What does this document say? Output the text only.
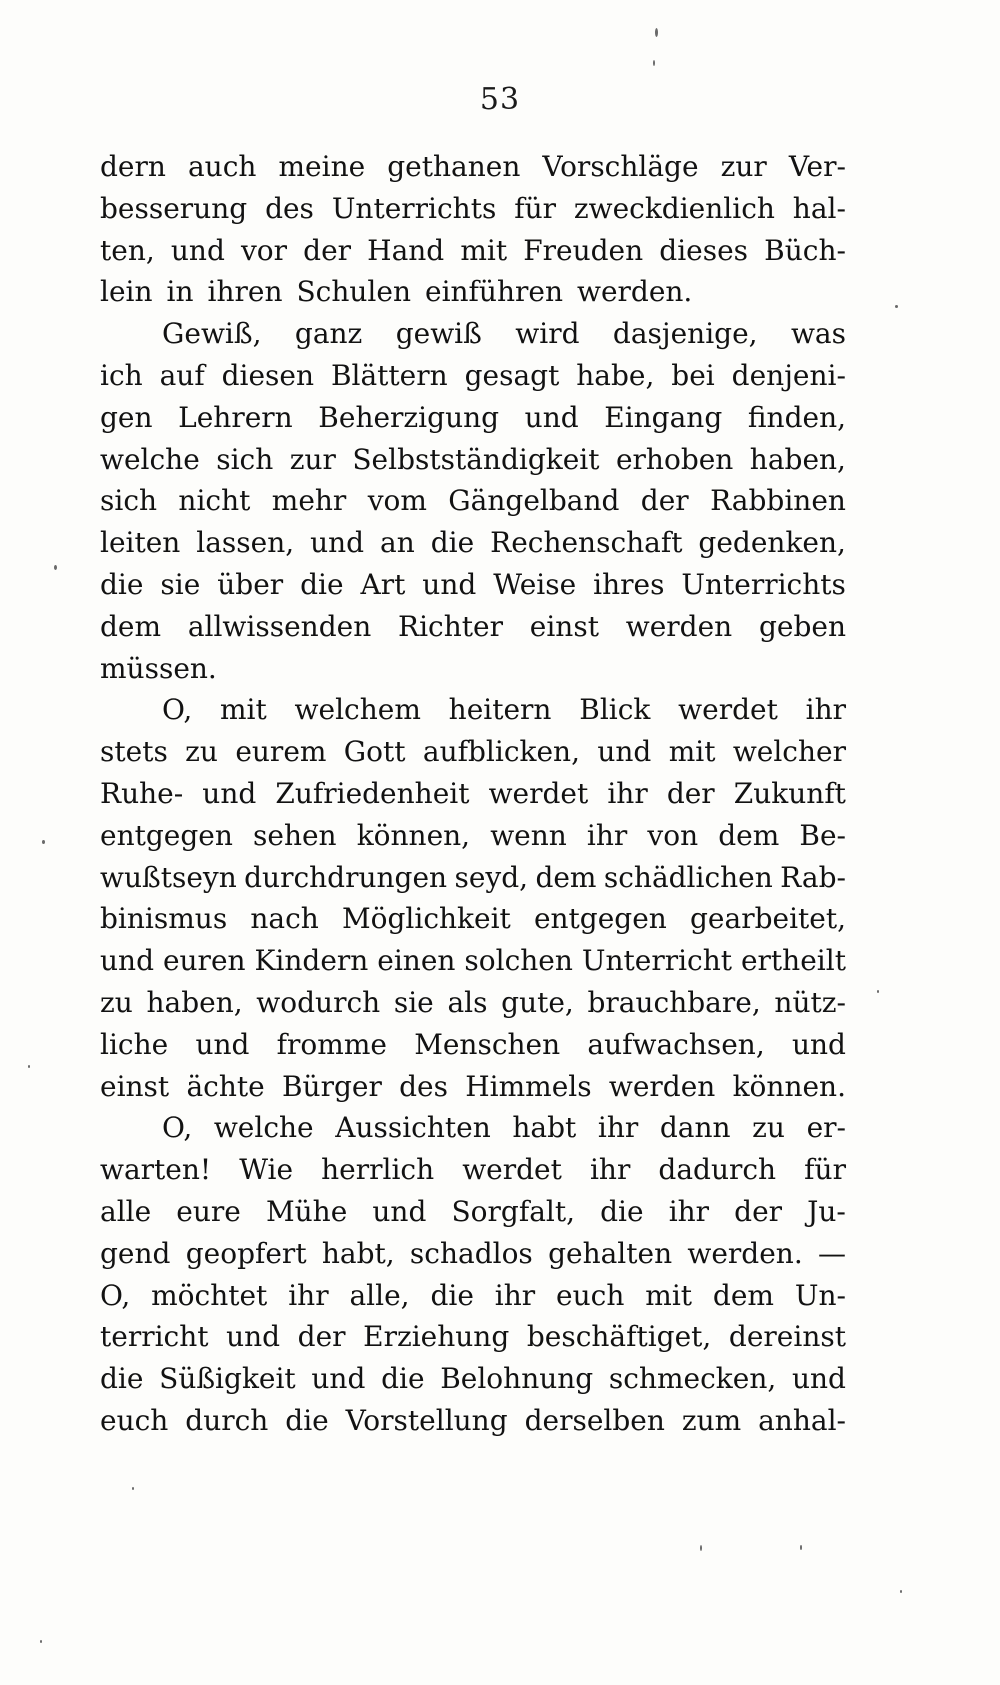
53
dern auch meine gethanen Vorschläge zur Ver-
besserung des Unterrichts für zweckdienlich hal-
ten, und vor der Hand mit Freuden dieses Büch-
lein in ihren Schulen einführen werden.
Gewiß, ganz gewiß wird dasjenige, was
ich auf diesen Blättern gesagt habe, bei denjeni-
gen Lehrern Beherzigung und Eingang finden,
welche sich zur Selbstständigkeit erhoben haben,
sich nicht mehr vom Gängelband der Rabbinen
leiten lassen, und an die Rechenschaft gedenken,
die sie über die Art und Weise ihres Unterrichts
dem allwissenden Richter einst werden geben
müssen.
O, mit welchem heitern Blick werdet ihr
stets zu eurem Gott aufblicken, und mit welcher
Ruhe- und Zufriedenheit werdet ihr der Zukunft
entgegen sehen können, wenn ihr von dem Be-
wußtseyn durchdrungen seyd, dem schädlichen Rab-
binismus nach Möglichkeit entgegen gearbeitet,
und euren Kindern einen solchen Unterricht ertheilt
zu haben, wodurch sie als gute, brauchbare, nütz-
liche und fromme Menschen aufwachsen, und
einst ächte Bürger des Himmels werden können.
O, welche Aussichten habt ihr dann zu er-
warten! Wie herrlich werdet ihr dadurch für
alle eure Mühe und Sorgfalt, die ihr der Ju-
gend geopfert habt, schadlos gehalten werden. —
O, möchtet ihr alle, die ihr euch mit dem Un-
terricht und der Erziehung beschäftiget, dereinst
die Süßigkeit und die Belohnung schmecken, und
euch durch die Vorstellung derselben zum anhal-
